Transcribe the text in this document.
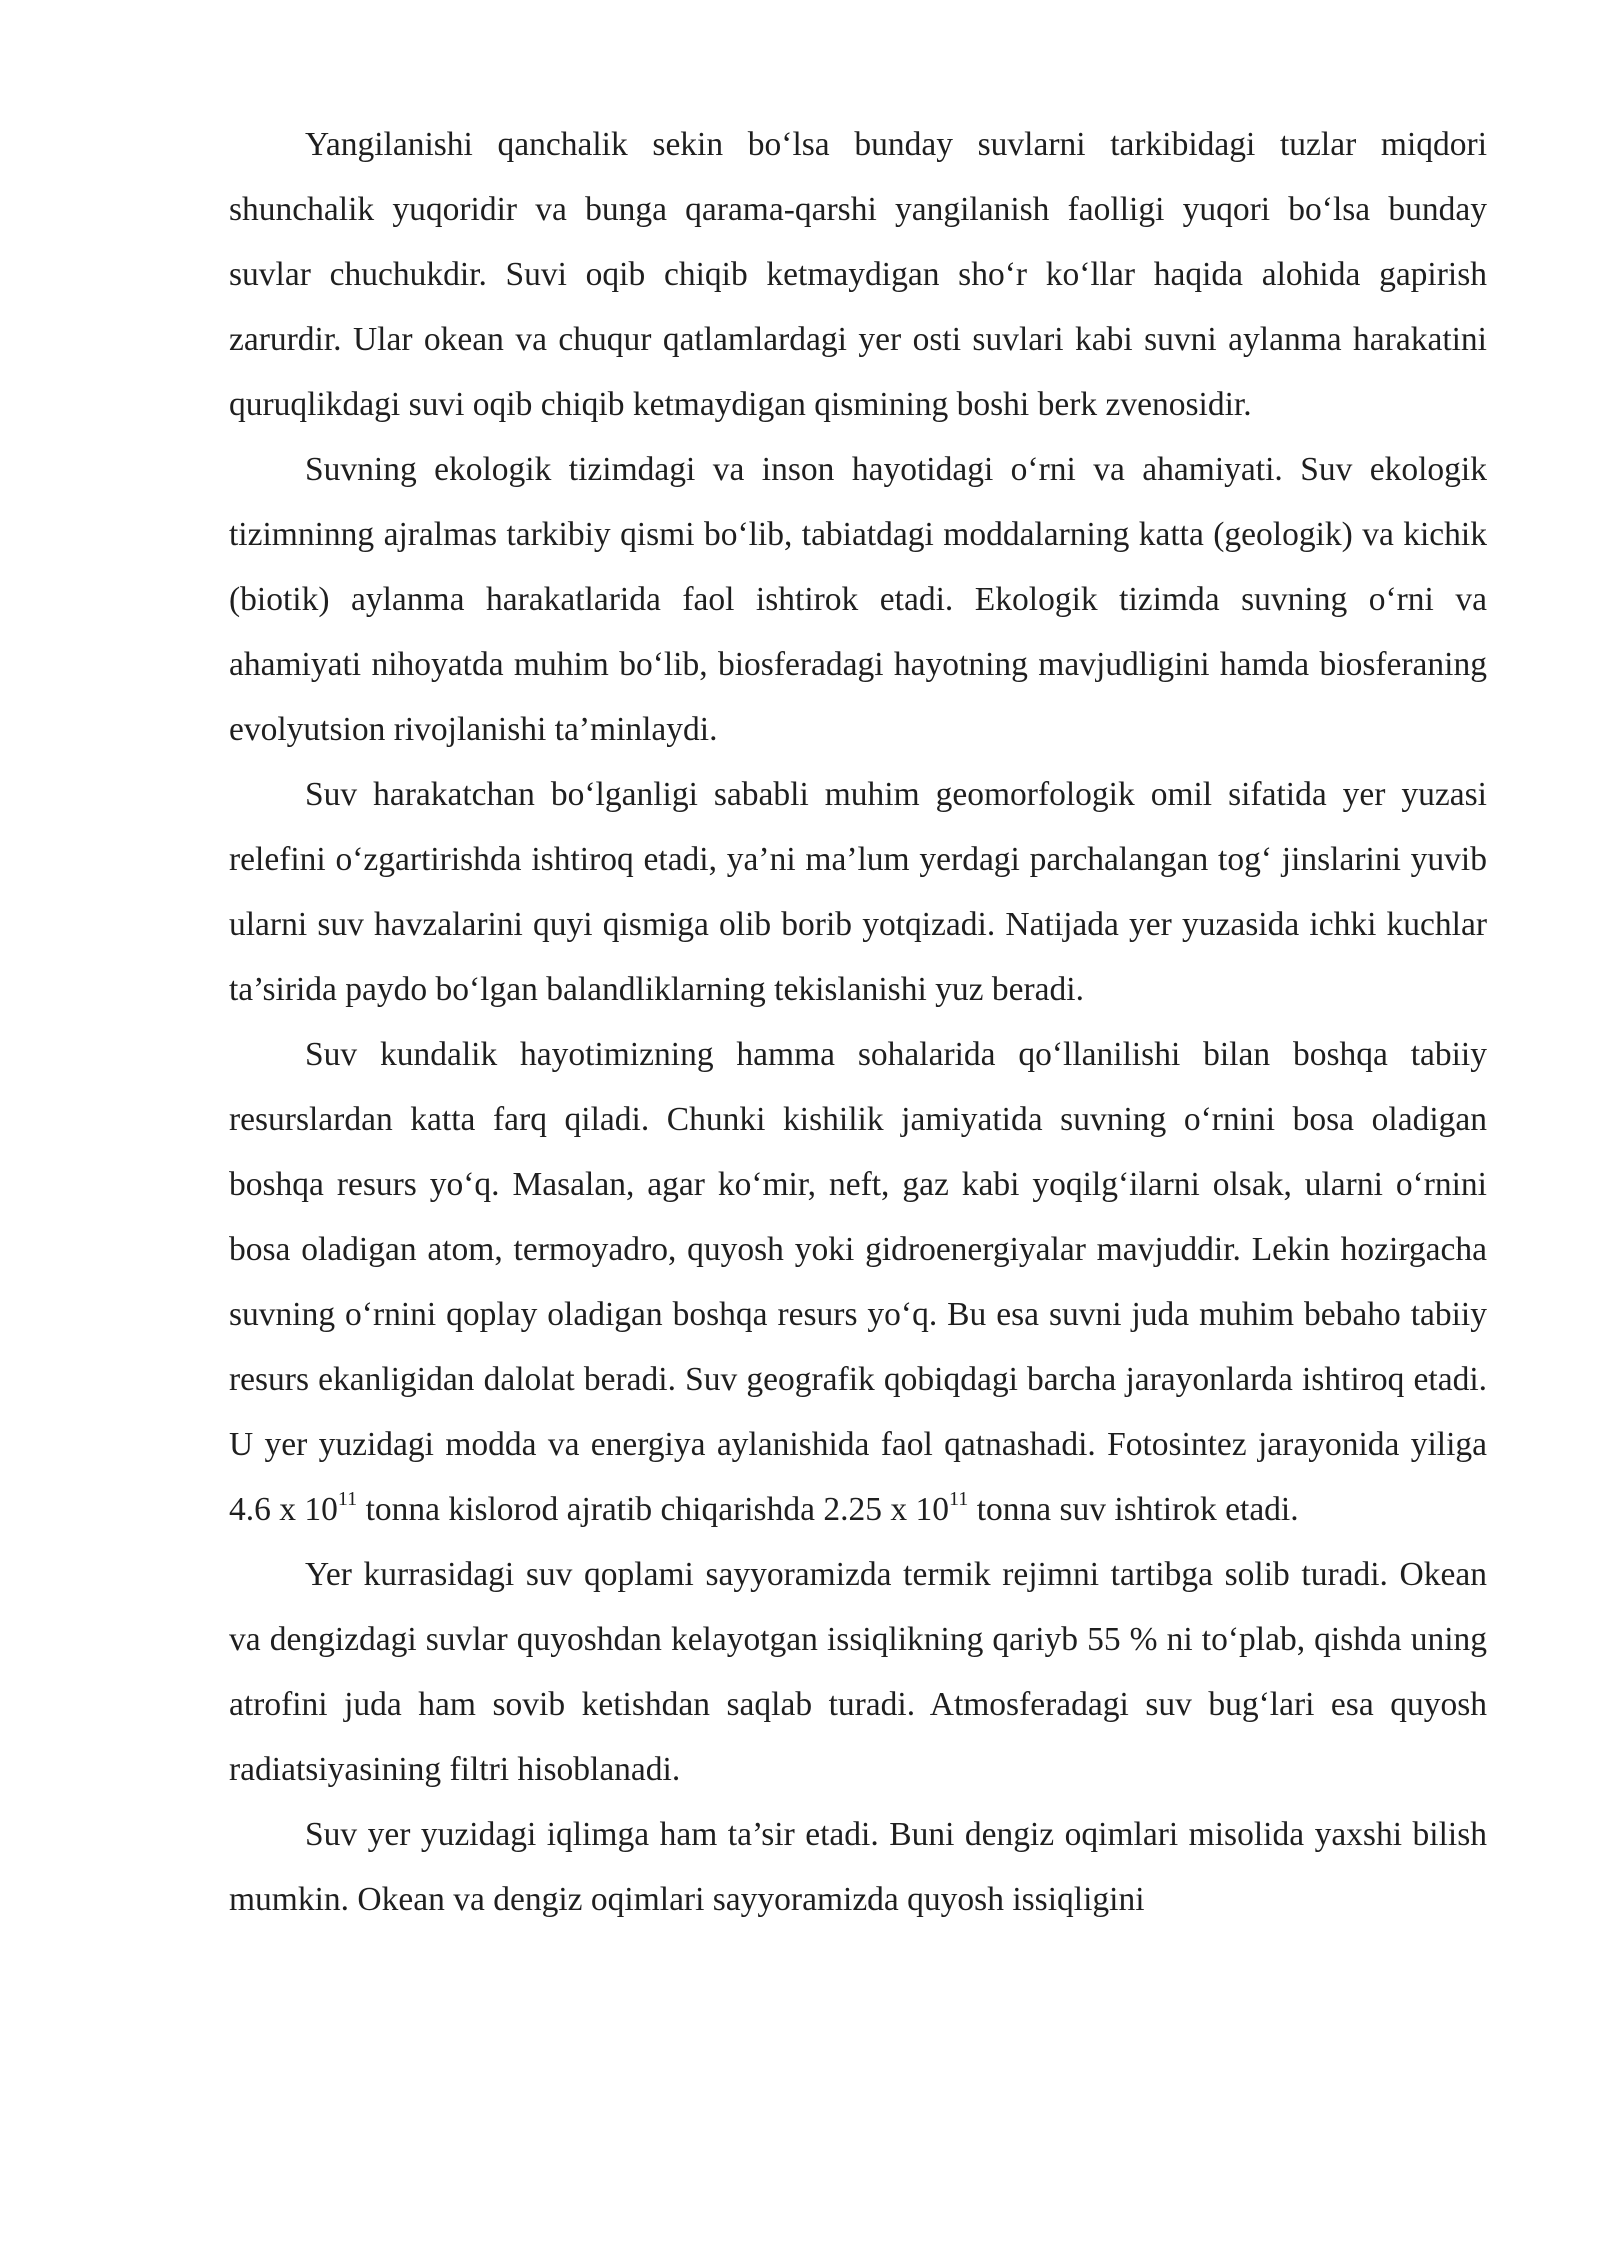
Yangilanishi qanchalik sekin bo‘lsa bunday suvlarni tarkibidagi tuzlar miqdori shunchalik yuqoridir va bunga qarama-qarshi yangilanish faolligi yuqori bo‘lsa bunday suvlar chuchukdir. Suvi oqib chiqib ketmaydigan sho‘r ko‘llar haqida alohida gapirish zarurdir. Ular okean va chuqur qatlamlardagi yer osti suvlari kabi suvni aylanma harakatini quruqlikdagi suvi oqib chiqib ketmaydigan qismining boshi berk zvenosidir.

Suvning ekologik tizimdagi va inson hayotidagi o‘rni va ahamiyati. Suv ekologik tizimninng ajralmas tarkibiy qismi bo‘lib, tabiatdagi moddalarning katta (geologik) va kichik (biotik) aylanma harakatlarida faol ishtirok etadi. Ekologik tizimda suvning o‘rni va ahamiyati nihoyatda muhim bo‘lib, biosferadagi hayotning mavjudligini hamda biosferaning evolyutsion rivojlanishi ta’minlaydi.

Suv harakatchan bo‘lganligi sababli muhim geomorfologik omil sifatida yer yuzasi relefini o‘zgartirishda ishtiroq etadi, ya’ni ma’lum yerdagi parchalangan tog‘ jinslarini yuvib ularni suv havzalarini quyi qismiga olib borib yotqizadi. Natijada yer yuzasida ichki kuchlar ta’sirida paydo bo‘lgan balandliklarning tekislanishi yuz beradi.

Suv kundalik hayotimizning hamma sohalarida qo‘llanilishi bilan boshqa tabiiy resurslardan katta farq qiladi. Chunki kishilik jamiyatida suvning o‘rnini bosa oladigan boshqa resurs yo‘q. Masalan, agar ko‘mir, neft, gaz kabi yoqilg‘ilarni olsak, ularni o‘rnini bosa oladigan atom, termoyadro, quyosh yoki gidroenergiyalar mavjuddir. Lekin hozirgacha suvning o‘rnini qoplay oladigan boshqa resurs yo‘q. Bu esa suvni juda muhim bebaho tabiiy resurs ekanligidan dalolat beradi. Suv geografik qobiqdagi barcha jarayonlarda ishtiroq etadi. U yer yuzidagi modda va energiya aylanishida faol qatnashadi. Fotosintez jarayonida yiliga 4.6 x $10^{11}$ tonna kislorod ajratib chiqarishda 2.25 x $10^{11}$ tonna suv ishtirok etadi.

Yer kurrasidagi suv qoplami sayyoramizda termik rejimni tartibga solib turadi. Okean va dengizdagi suvlar quyoshdan kelayotgan issiqlikning qariyb 55 % ni to‘plab, qishda uning atrofini juda ham sovib ketishdan saqlab turadi. Atmosferadagi suv bug‘lari esa quyosh radiatsiyasining filtri hisoblanadi.

Suv yer yuzidagi iqlimga ham ta’sir etadi. Buni dengiz oqimlari misolida yaxshi bilish mumkin. Okean va dengiz oqimlari sayyoramizda quyosh issiqligini
